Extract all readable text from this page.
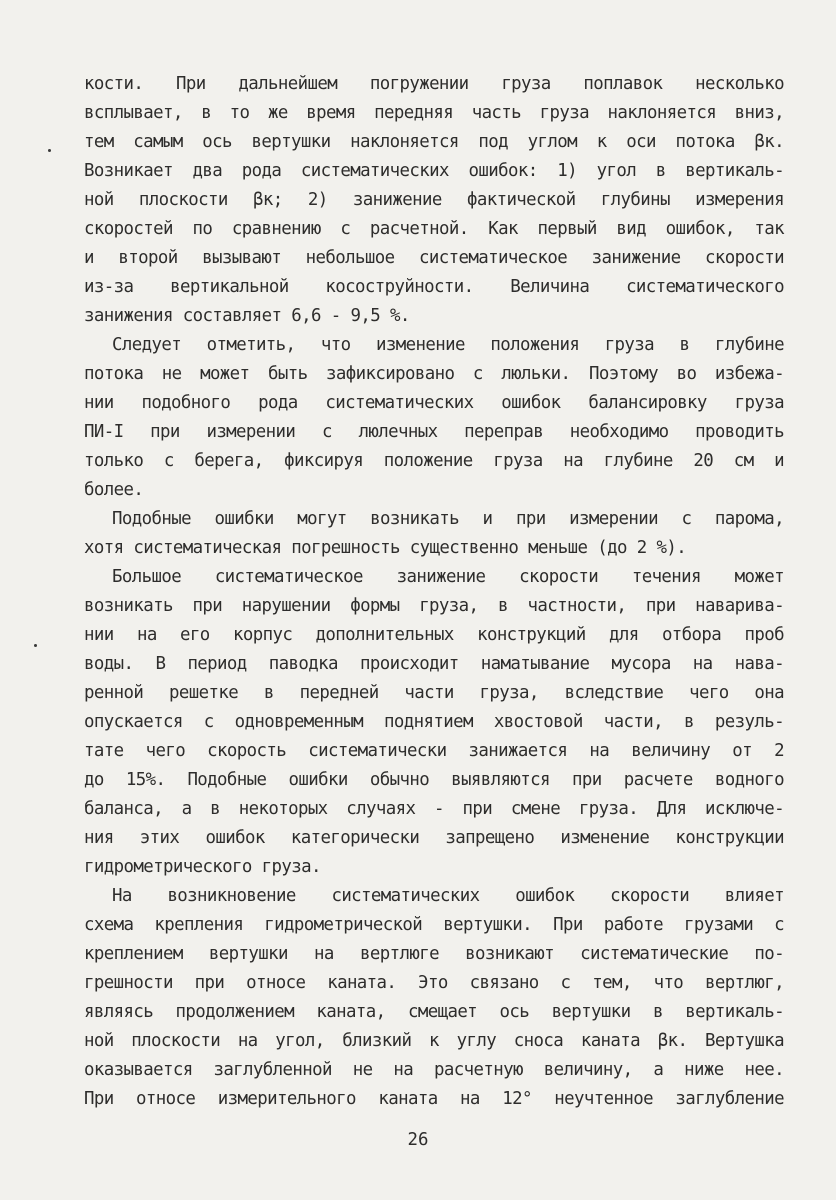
кости. При дальнейшем погружении груза поплавок несколько
всплывает, в то же время передняя часть груза наклоняется вниз,
тем самым ось вертушки наклоняется под углом к оси потока βк.
Возникает два рода систематических ошибок: 1) угол в вертикаль-
ной плоскости βк; 2) занижение фактической глубины измерения
скоростей по сравнению с расчетной. Как первый вид ошибок, так
и второй вызывают небольшое систематическое занижение скорости
из-за вертикальной косоструйности. Величина систематического
занижения составляет 6,6 - 9,5 %.
Следует отметить, что изменение положения груза в глубине
потока не может быть зафиксировано с люльки. Поэтому во избежа-
нии подобного рода систематических ошибок балансировку груза
ПИ-I при измерении с люлечных переправ необходимо проводить
только с берега, фиксируя положение груза на глубине 20 см и
более.
Подобные ошибки могут возникать и при измерении с парома,
хотя систематическая погрешность существенно меньше (до 2 %).
Большое систематическое занижение скорости течения может
возникать при нарушении формы груза, в частности, при наварива-
нии на его корпус дополнительных конструкций для отбора проб
воды. В период паводка происходит наматывание мусора на нава-
ренной решетке в передней части груза, вследствие чего она
опускается с одновременным поднятием хвостовой части, в резуль-
тате чего скорость систематически занижается на величину от 2
до 15%. Подобные ошибки обычно выявляются при расчете водного
баланса, а в некоторых случаях - при смене груза. Для исключе-
ния этих ошибок категорически запрещено изменение конструкции
гидрометрического груза.
На возникновение систематических ошибок скорости влияет
схема крепления гидрометрической вертушки. При работе грузами с
креплением вертушки на вертлюге возникают систематические по-
грешности при относе каната. Это связано с тем, что вертлюг,
являясь продолжением каната, смещает ось вертушки в вертикаль-
ной плоскости на угол, близкий к углу сноса каната βк. Вертушка
оказывается заглубленной не на расчетную величину, а ниже нее.
При относе измерительного каната на 12° неучтенное заглубление
26
